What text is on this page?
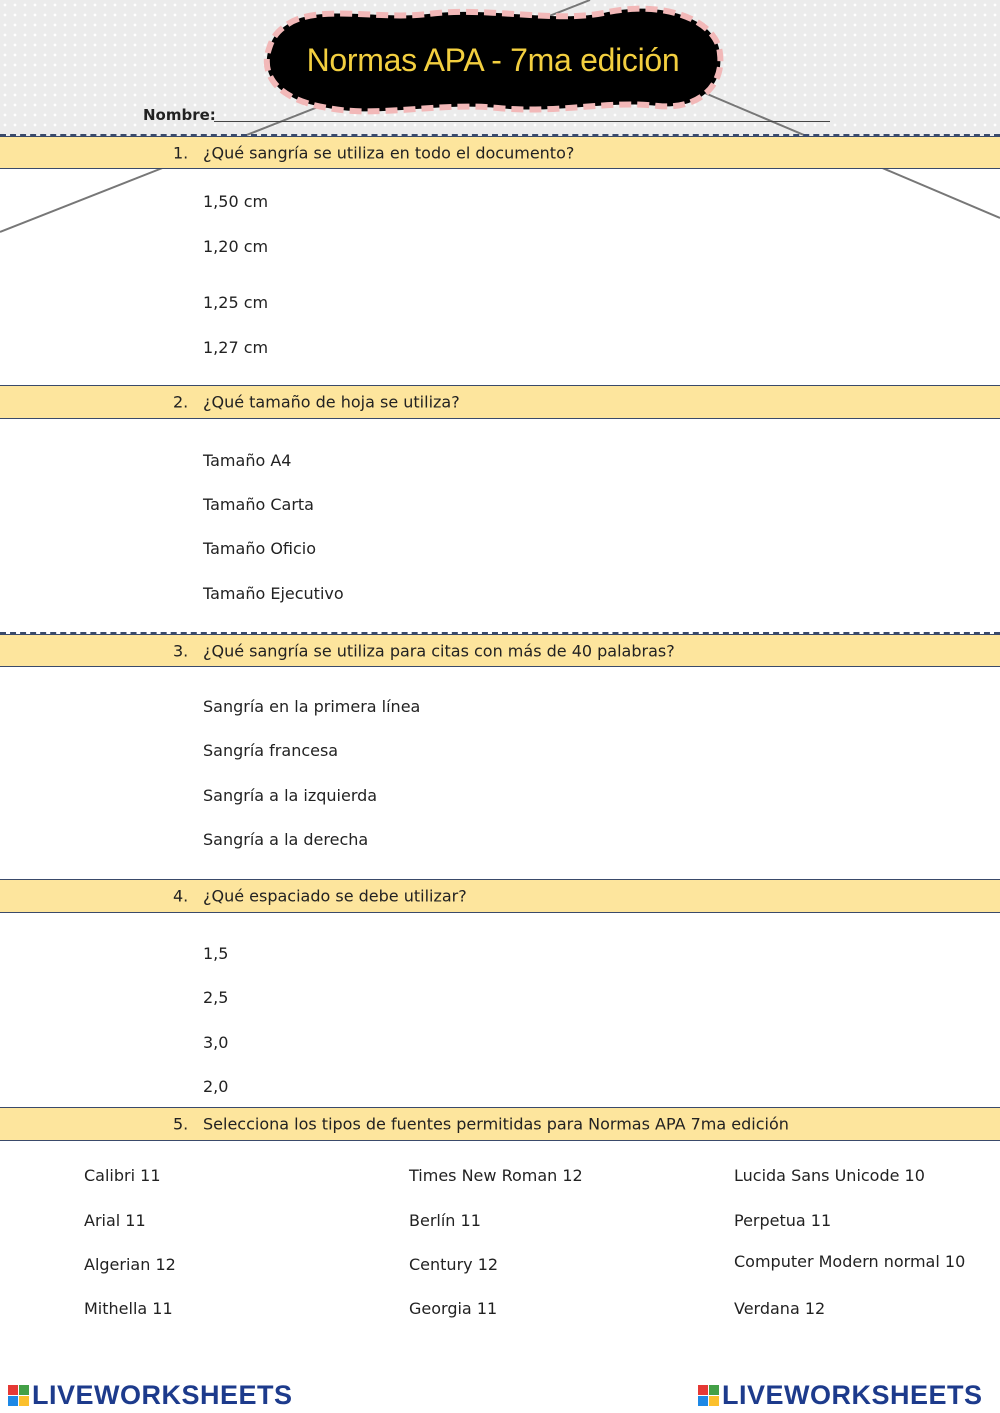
Normas APA - 7ma edición
Nombre:
1. ¿Qué sangría se utiliza en todo el documento?
1,50 cm
1,20 cm
1,25 cm
1,27 cm
2. ¿Qué tamaño de hoja se utiliza?
Tamaño A4
Tamaño Carta
Tamaño Oficio
Tamaño Ejecutivo
3. ¿Qué sangría se utiliza para citas con más de 40 palabras?
Sangría en la primera línea
Sangría francesa
Sangría a la izquierda
Sangría a la derecha
4. ¿Qué espaciado se debe utilizar?
1,5
2,5
3,0
2,0
5. Selecciona los tipos de fuentes permitidas para Normas APA 7ma edición
Calibri 11
Arial 11
Algerian 12
Mithella 11
Times New Roman 12
Berlín 11
Century 12
Georgia 11
Lucida Sans Unicode 10
Perpetua 11
Computer Modern normal 10
Verdana 12
LIVEWORKSHEETS	LIVEWORKSHEETS
